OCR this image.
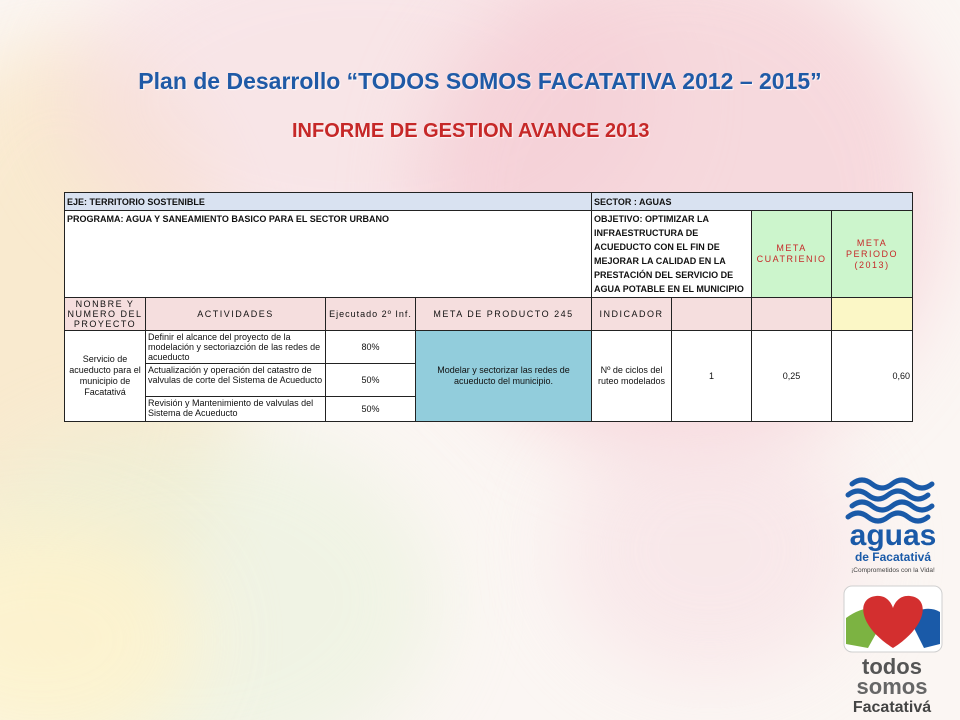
Plan de Desarrollo “TODOS SOMOS FACATATIVA 2012 – 2015”
INFORME DE GESTION AVANCE 2013
EJE: TERRITORIO SOSTENIBLE				SECTOR : AGUAS				
PROGRAMA: AGUA Y SANEAMIENTO BASICO PARA EL SECTOR URBANO				OBJETIVO: OPTIMIZAR LA INFRAESTRUCTURA DE ACUEDUCTO CON EL FIN DE MEJORAR LA CALIDAD EN LA PRESTACIÓN DEL SERVICIO DE AGUA POTABLE EN EL MUNICIPIO		META CUATRIENIO	META PERIODO (2013)	
NONBRE Y NUMERO DEL PROYECTO	ACTIVIDADES	Ejecutado 2º Inf.	META DE PRODUCTO 245	INDICADOR				
Servicio de acueducto para el municipio de Facatativá	Definir el alcance del proyecto de la modelación y sectoriazción de las redes de acueducto	80%	Modelar y sectorizar las redes de acueducto del municipio.	Nº de ciclos del ruteo modelados	1	0,25	0,60	
	Actualización y operación del catastro de valvulas de corte del Sistema de Acueducto	50%						
	Revisión y Mantenimiento de valvulas del Sistema de Acueducto	50%						
aguas
de Facatativá
¡Comprometidos con la Vida!
todos
somos
Facatativá
